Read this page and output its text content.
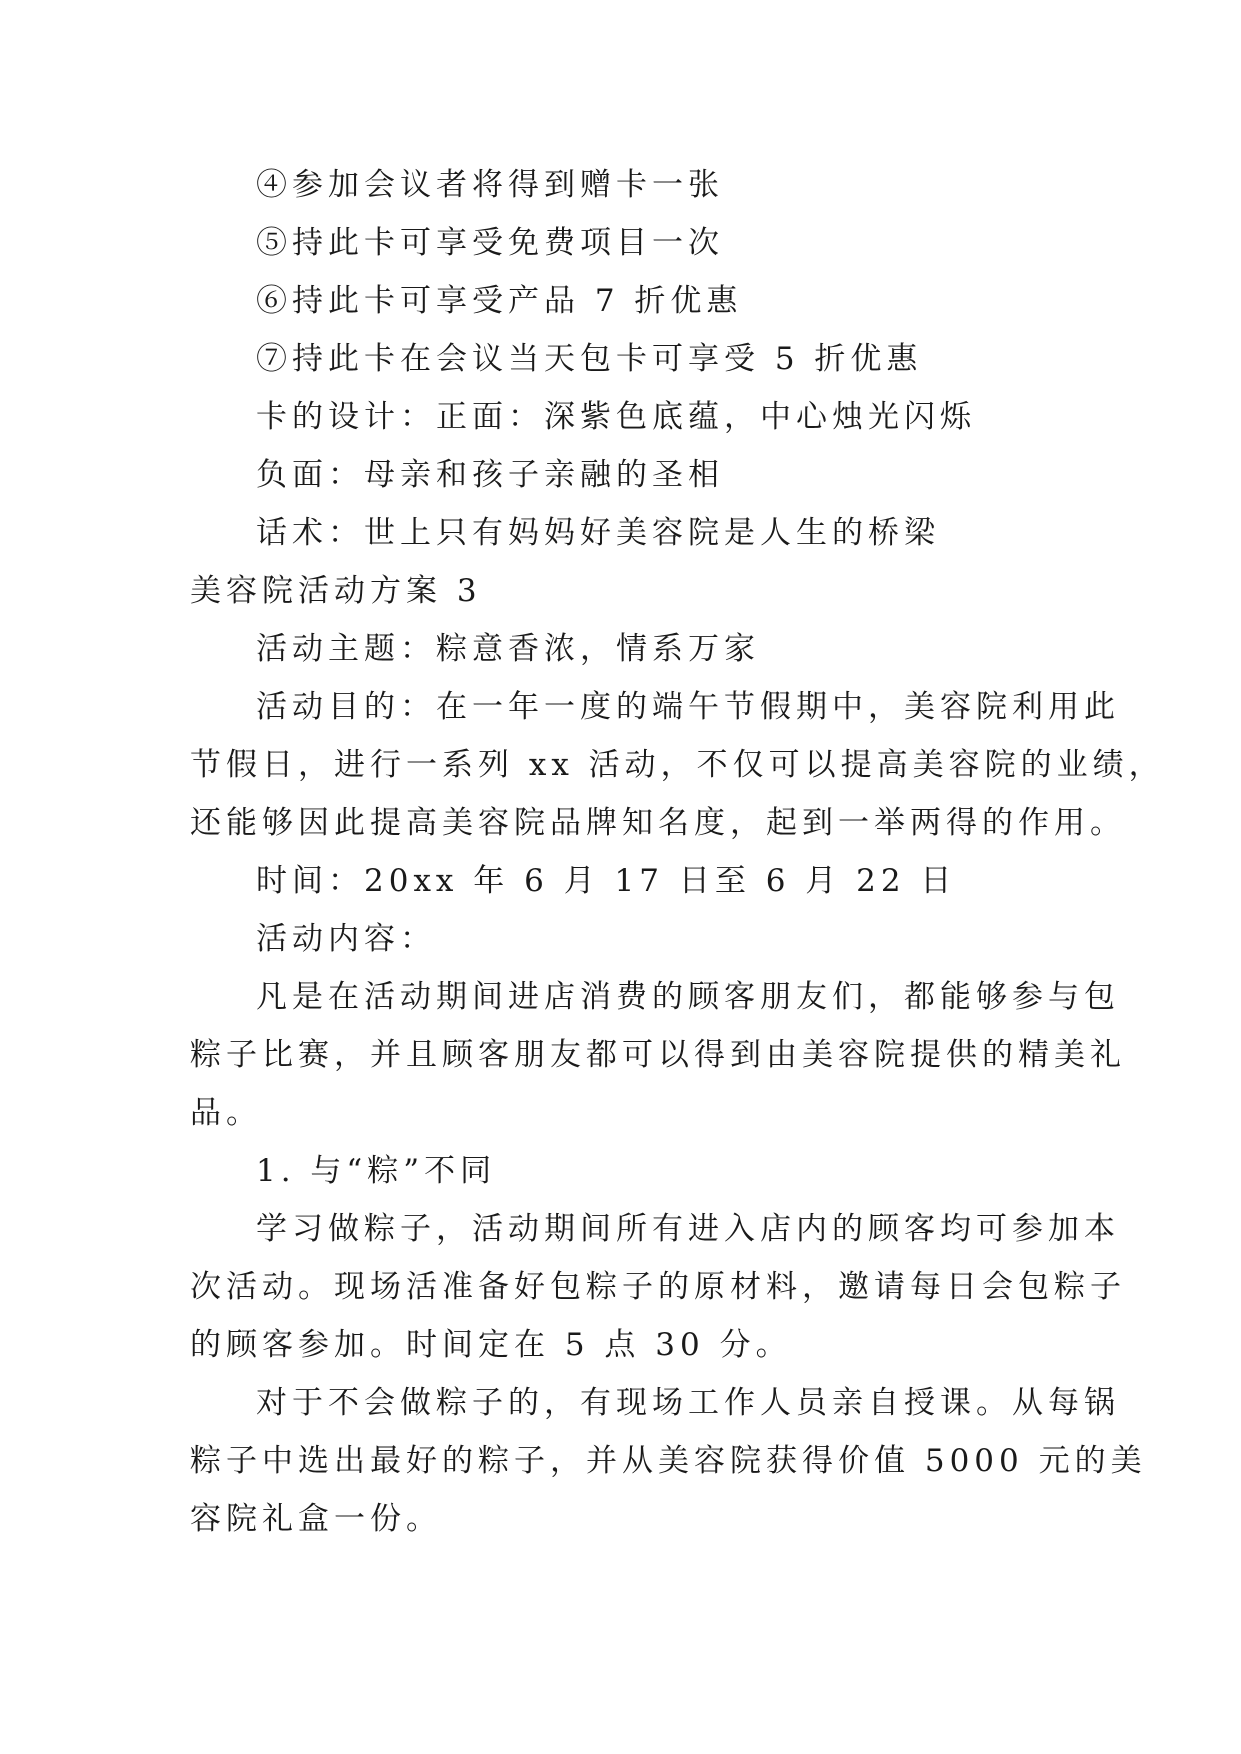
④参加会议者将得到赠卡一张
⑤持此卡可享受免费项目一次
⑥持此卡可享受产品 7 折优惠
⑦持此卡在会议当天包卡可享受 5 折优惠
卡的设计：正面：深紫色底蕴，中心烛光闪烁
负面：母亲和孩子亲融的圣相
话术：世上只有妈妈好美容院是人生的桥梁
美容院活动方案 3
活动主题：粽意香浓，情系万家
活动目的：在一年一度的端午节假期中，美容院利用此
节假日，进行一系列 xx 活动，不仅可以提高美容院的业绩，
还能够因此提高美容院品牌知名度，起到一举两得的作用。
时间：20xx 年 6 月 17 日至 6 月 22 日
活动内容：
凡是在活动期间进店消费的顾客朋友们，都能够参与包
粽子比赛，并且顾客朋友都可以得到由美容院提供的精美礼
品。
1. 与“粽”不同
学习做粽子，活动期间所有进入店内的顾客均可参加本
次活动。现场活准备好包粽子的原材料，邀请每日会包粽子
的顾客参加。时间定在 5 点 30 分。
对于不会做粽子的，有现场工作人员亲自授课。从每锅
粽子中选出最好的粽子，并从美容院获得价值 5000 元的美
容院礼盒一份。
